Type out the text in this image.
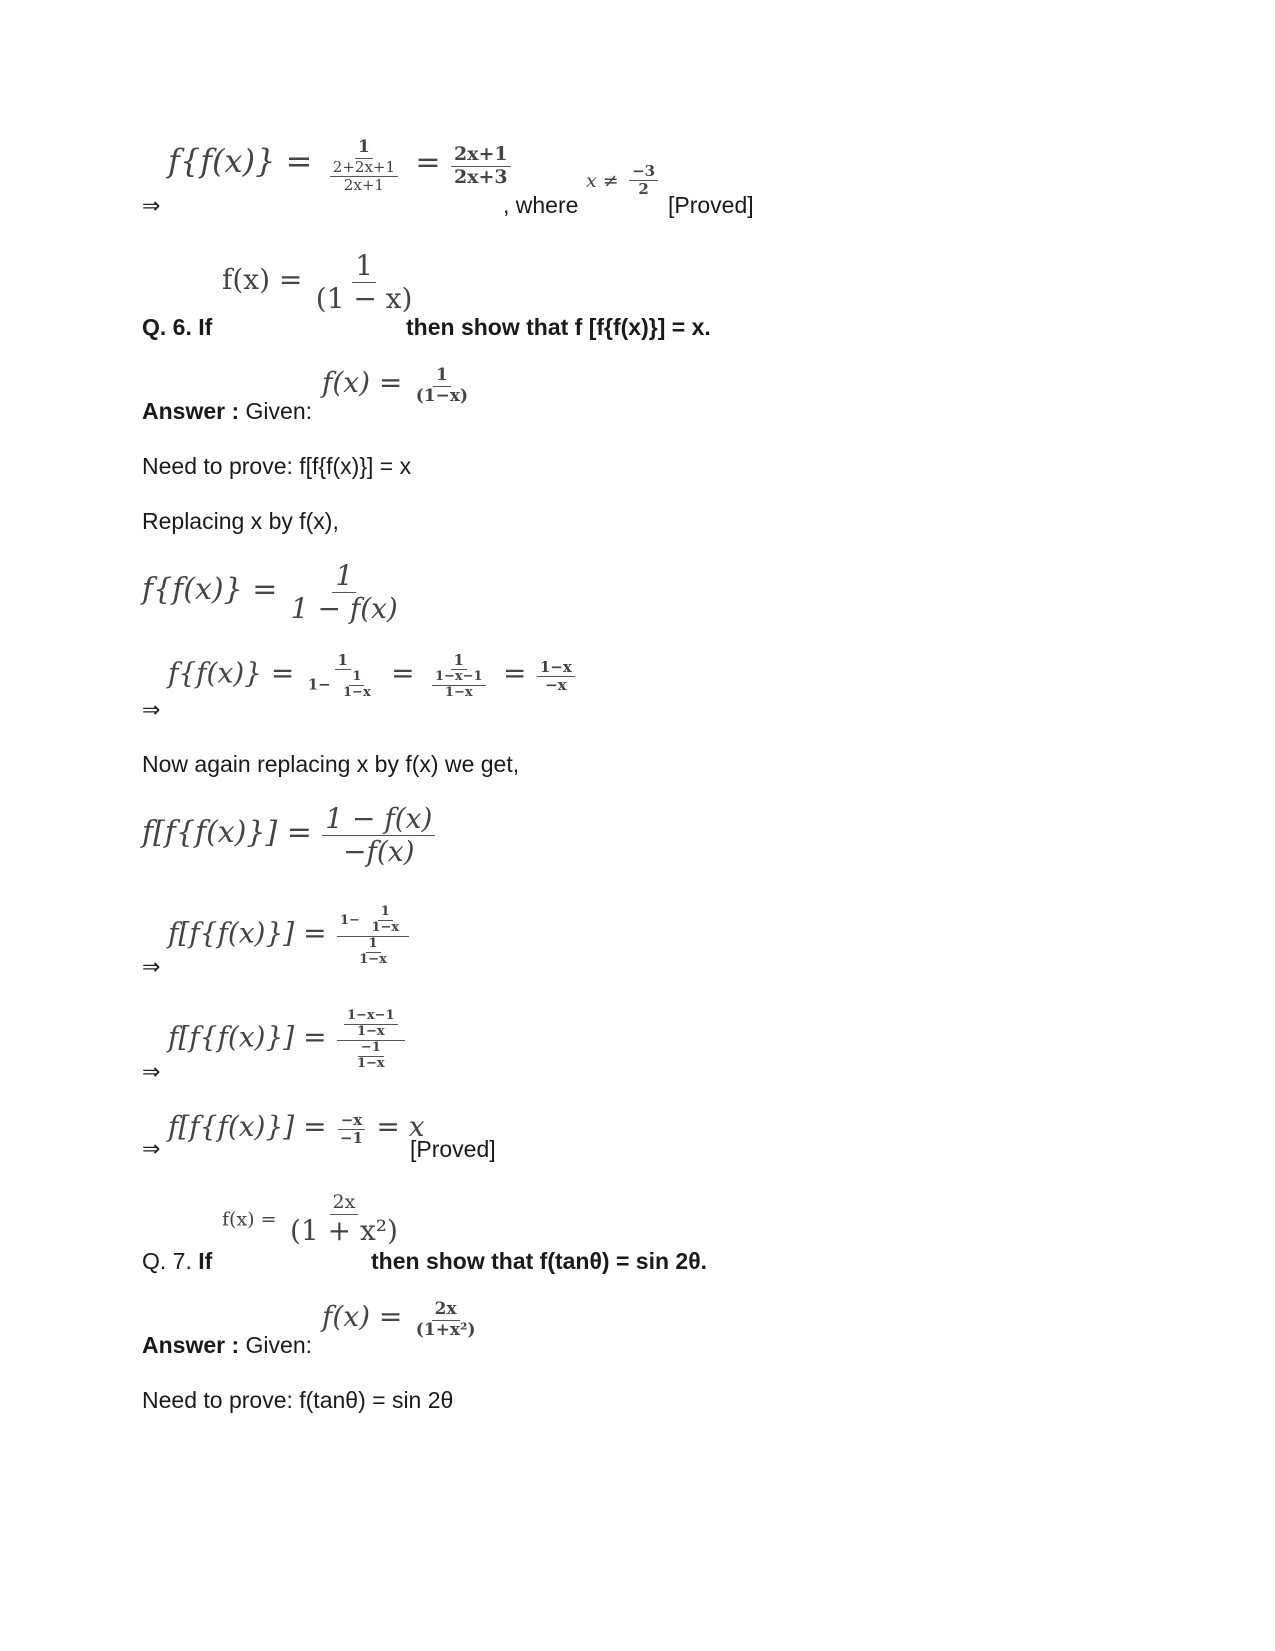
⇒
$f\{f(x)\} = \frac{1}{\frac{2+2x+1}{2x+1}} = \frac{2x+1}{2x+3}$
, where
$x \ne \frac{-3}{2}$
[Proved]
Q. 6. If
$f(x) = \frac{1}{(1 - x)}$
then show that f [f{f(x)}] = x.
Answer : Given:
$f(x) = \frac{1}{(1-x)}$
Need to prove: f[f{f(x)}] = x
Replacing x by f(x),
$f\{f(x)\} = \frac{1}{1 - f(x)}$
⇒
$f\{f(x)\} = \frac{1}{1- \frac{1}{1-x}} = \frac{1}{\frac{1-x-1}{1-x}} = \frac{1-x}{-x}$
Now again replacing x by f(x) we get,
$f[f\{f(x)\}] = \frac{1 - f(x)}{-f(x)}$
⇒
$f[f\{f(x)\}] = \frac{1- \frac{1}{1-x}}{\frac{1}{1-x}}$
⇒
$f[f\{f(x)\}] = \frac{\frac{1-x-1}{1-x}}{\frac{-1}{1-x}}$
⇒
$f[f\{f(x)\}] = \frac{-x}{-1} = x$
[Proved]
Q. 7. If
$f(x) = \frac{2x}{\text{(1 + x²)}}$
then show that f(tanθ) = sin 2θ.
Answer : Given:
$f(x) = \frac{2x}{\text{(1+x²)}}$
Need to prove: f(tanθ) = sin 2θ
